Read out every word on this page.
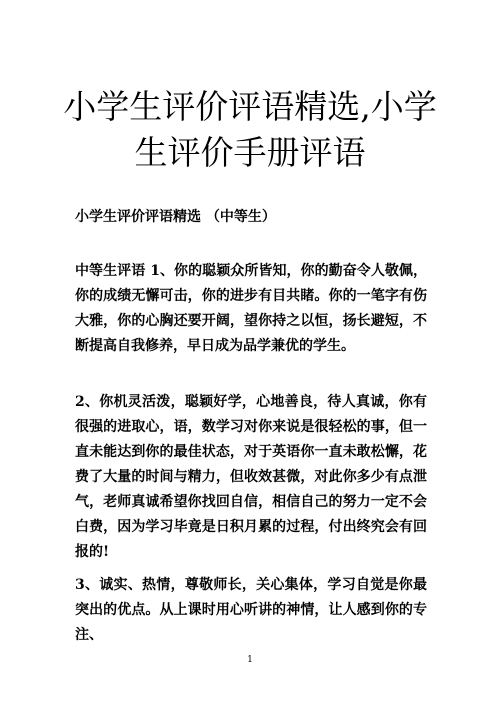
小学生评价评语精选,小学生评价手册评语

小学生评价评语精选 （中等生）

中等生评语 1、你的聪颖众所皆知，你的勤奋令人敬佩，你的成绩无懈可击，你的进步有目共睹。你的一笔字有伤大雅，你的心胸还要开阔，望你持之以恒，扬长避短，不断提高自我修养，早日成为品学兼优的学生。

2、你机灵活泼，聪颖好学，心地善良，待人真诚，你有很强的进取心，语，数学习对你来说是很轻松的事，但一直未能达到你的最佳状态，对于英语你一直未敢松懈，花费了大量的时间与精力，但收效甚微，对此你多少有点泄气，老师真诚希望你找回自信，相信自己的努力一定不会白费，因为学习毕竟是日积月累的过程，付出终究会有回报的!

3、诚实、热情，尊敬师长，关心集体，学习自觉是你最突出的优点。从上课时用心听讲的神情，让人感到你的专注、

1
